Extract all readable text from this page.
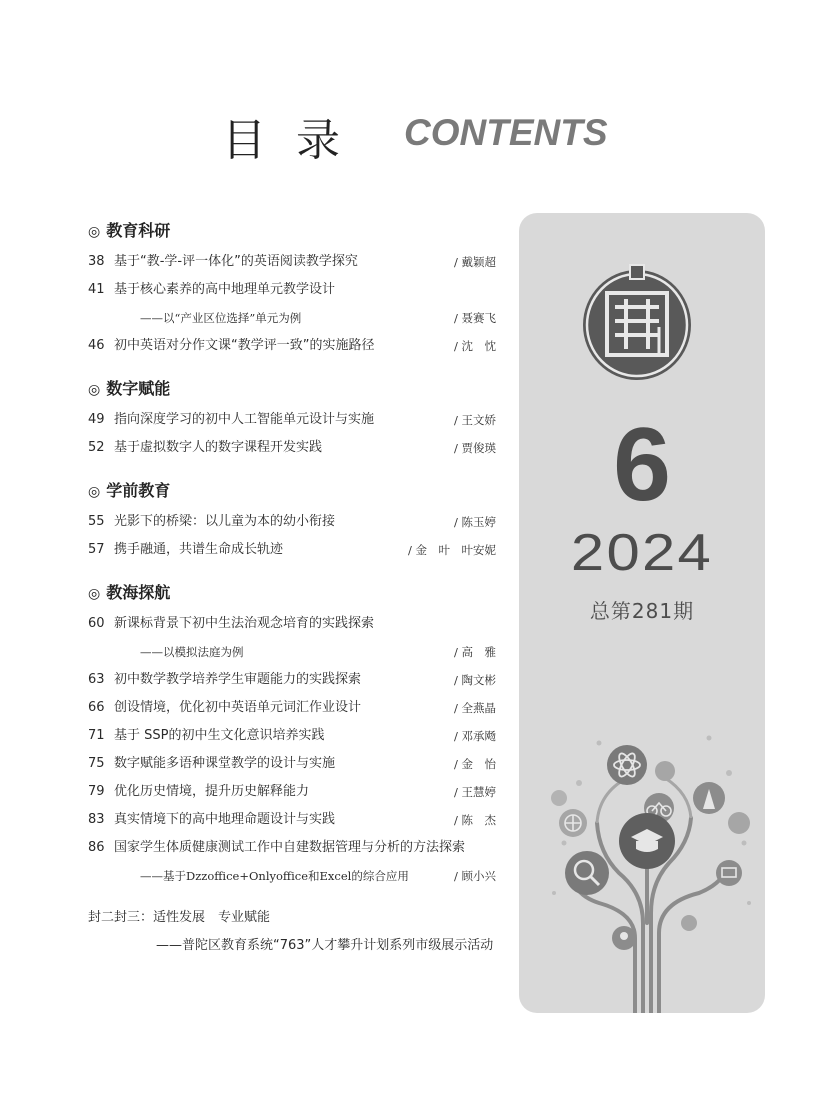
目录 CONTENTS
◎ 教育科研
38 基于“教-学-评一体化”的英语阅读教学探究	/ 戴颖超
41 基于核心素养的高中地理单元教学设计
——以“产业区位选择”单元为例	/ 聂赛飞
46 初中英语对分作文课“教学评一致”的实施路径	/ 沈　忱
◎ 数字赋能
49 指向深度学习的初中人工智能单元设计与实施	/ 王文娇
52 基于虚拟数字人的数字课程开发实践	/ 贾俊瑛
◎ 学前教育
55 光影下的桥梁：以儿童为本的幼小衔接	/ 陈玉婷
57 携手融通，共谱生命成长轨迹	/ 金　叶　叶安妮
◎ 教海探航
60 新课标背景下初中生法治观念培育的实践探索
——以模拟法庭为例	/ 高　雅
63 初中数学教学培养学生审题能力的实践探索	/ 陶文彬
66 创设情境，优化初中英语单元词汇作业设计	/ 全燕晶
71 基于 SSP的初中生文化意识培养实践	/ 邓承飏
75 数字赋能多语种课堂教学的设计与实施	/ 金　怡
79 优化历史情境，提升历史解释能力	/ 王慧婷
83 真实情境下的高中地理命题设计与实践	/ 陈　杰
86 国家学生体质健康测试工作中自建数据管理与分析的方法探索
——基于Dzzoffice+Onlyoffice和Excel的综合应用	/ 顾小兴
封二封三：适性发展　专业赋能
——普陀区教育系统“763”人才攀升计划系列市级展示活动
6
2024
总第281期
